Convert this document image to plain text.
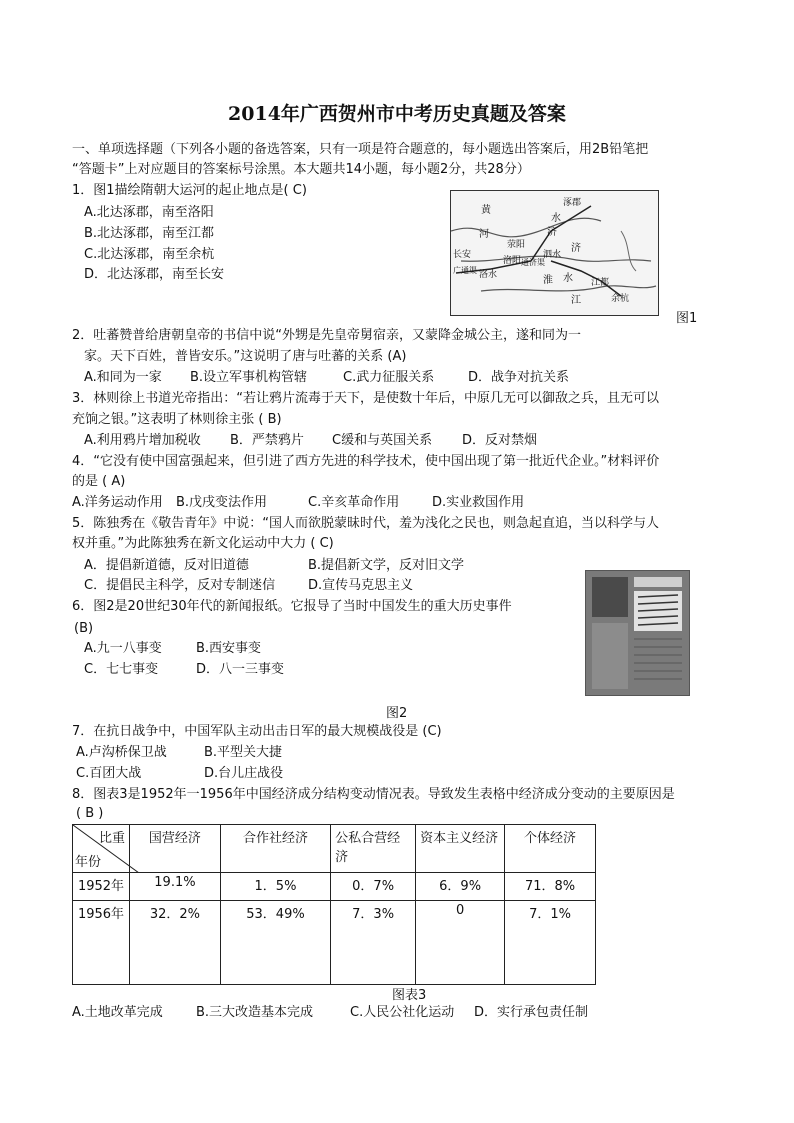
2014年广西贺州市中考历史真题及答案
一、单项选择题（下列各小题的备选答案，只有一项是符合题意的，每小题选出答案后，用2B铅笔把
“答题卡”上对应题目的答案标号涂黑。本大题共14小题，每小题2分，共28分）
1．图1描绘隋朝大运河的起止地点是( C)
A.北达涿郡，南至洛阳
B.北达涿郡，南至江都
C.北达涿郡，南至余杭
D．北达涿郡，南至长安
黄
涿郡
河
水
济
长安
荥阳
泗水
洛阳 通济渠
洛水	淮 水
济
江都
江	余杭
广通渠
图1
2．吐蕃赞普给唐朝皇帝的书信中说“外甥是先皇帝舅宿亲，又蒙降金城公主，遂和同为一
家。天下百姓，普皆安乐。”这说明了唐与吐蕃的关系 (A)
A.和同为一家 B.设立军事机构管辖	C.武力征服关系	D．战争对抗关系
3．林则徐上书道光帝指出：“若让鸦片流毒于天下，是使数十年后，中原几无可以御敌之兵，且无可以
充饷之银。”这表明了林则徐主张 ( B)
A.利用鸦片增加税收 B．严禁鸦片 C缓和与英国关系 D．反对禁烟
4．“它没有使中国富强起来，但引进了西方先进的科学技术，使中国出现了第一批近代企业。”材料评价
的是 ( A)
A.洋务运动作用 B.戊戌变法作用	C.辛亥革命作用	D.实业救国作用
5．陈独秀在《敬告青年》中说：“国人而欲脱蒙昧时代，羞为浅化之民也，则急起直追，当以科学与人
权并重。”为此陈独秀在新文化运动中大力 ( C)
A．提倡新道德，反对旧道德	B.提倡新文学，反对旧文学
C．提倡民主科学，反对专制迷信	D.宣传马克思主义
6．图2是20世纪30年代的新闻报纸。它报导了当时中国发生的重大历史事件
(B)
A.九一八事变	B.西安事变
C．七七事变	D．八一三事变
图2
7．在抗日战争中，中国军队主动出击日军的最大规模战役是 (C)
A.卢沟桥保卫战	B.平型关大捷
C.百团大战	D.台儿庄战役
8．图表3是1952年一1956年中国经济成分结构变动情况表。导致发生表格中经济成分变动的主要原因是
( B )
比重
年份	国营经济	合作社经济	公私合营经济	资本主义经济	个体经济
1952年	19.1%	1．5%	0．7%	6．9%	71．8%
1956年	32．2%	53．49%	7．3%	0	7．1%
图表3
A.土地改革完成	B.三大改造基本完成	C.人民公社化运动 D．实行承包责任制
